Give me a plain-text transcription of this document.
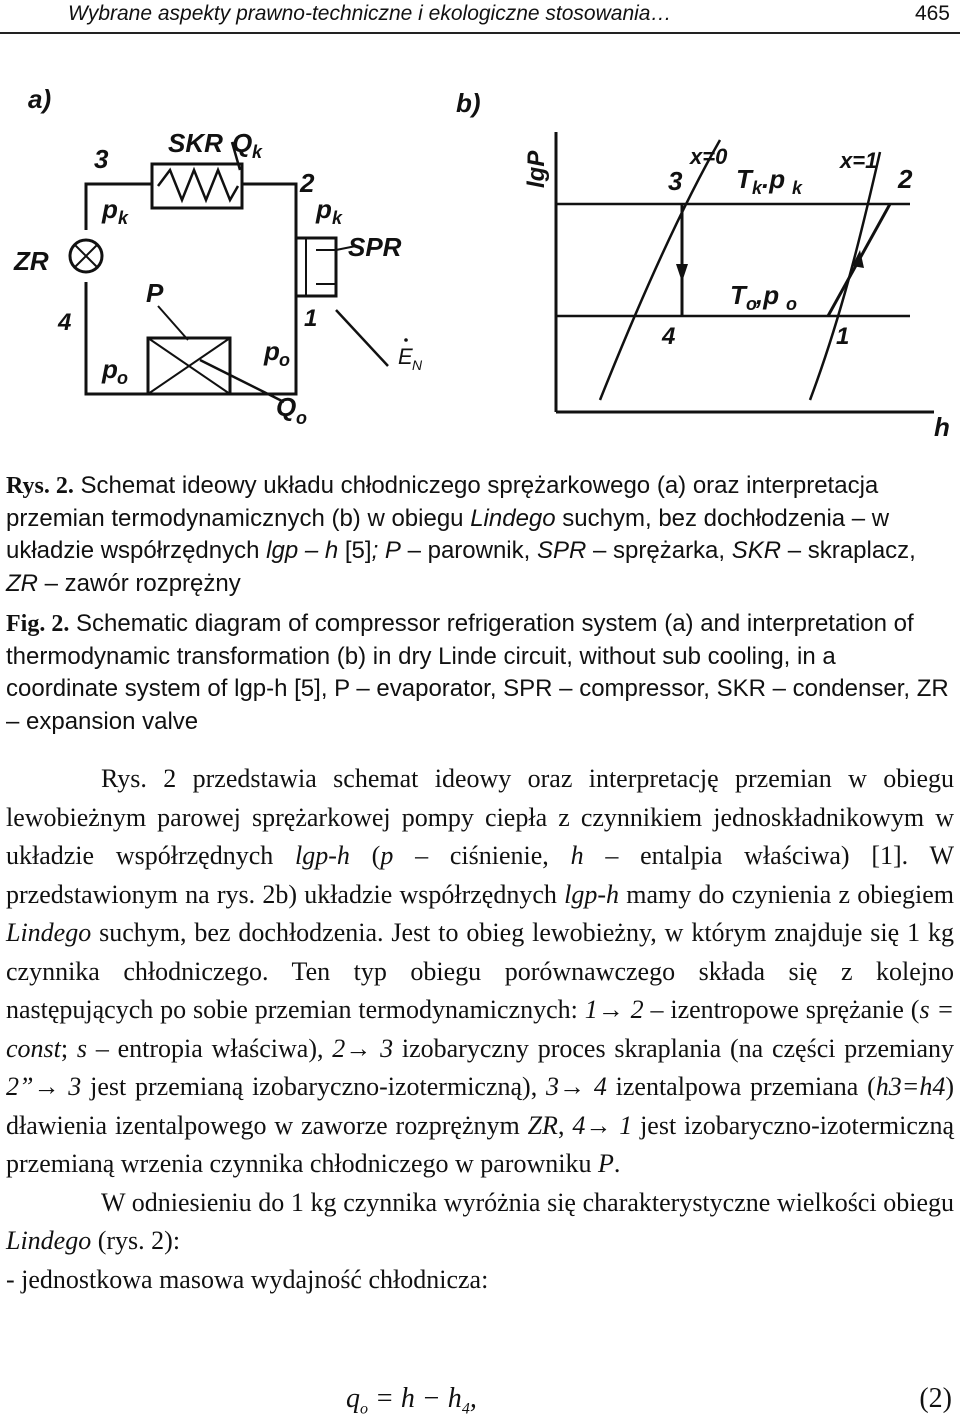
Wybrane aspekty prawno-techniczne i ekologiczne stosowania…	465
a)
SKR Q k
3
2
p k	p k
ZR	SPR
P
4	1
p o
p o
Q o
E N
b)
lgP
h
x=0	x=1
3	2
T k .p k
T o ,p o
4	1
Rys. 2. Schemat ideowy układu chłodniczego sprężarkowego (a) oraz interpretacja przemian termodynamicznych (b) w obiegu Lindego suchym, bez dochłodzenia – w układzie współrzędnych lgp – h [5]; P – parownik, SPR – sprężarka, SKR – skraplacz, ZR – zawór rozprężny
Fig. 2. Schematic diagram of compressor refrigeration system (a) and interpretation of thermodynamic transformation (b) in dry Linde circuit, without sub cooling, in a coordinate system of lgp-h [5], P – evaporator, SPR – compressor, SKR – condenser, ZR – expansion valve

Rys. 2 przedstawia schemat ideowy oraz interpretację przemian w obiegu lewobieżnym parowej sprężarkowej pompy ciepła z czynnikiem jednoskładnikowym w układzie współrzędnych lgp-h (p – ciśnienie, h – entalpia właściwa) [1]. W przedstawionym na rys. 2b) układzie współrzędnych lgp-h mamy do czynienia z obiegiem Lindego suchym, bez dochłodzenia. Jest to obieg lewobieżny, w którym znajduje się 1 kg czynnika chłodniczego. Ten typ obiegu porównawczego składa się z kolejno następujących po sobie przemian termodynamicznych: 1→ 2 – izentropowe sprężanie (s = const; s – entropia właściwa), 2→ 3 izobaryczny proces skraplania (na części przemiany 2”→ 3 jest przemianą izobaryczno-izotermiczną), 3→ 4 izentalpowa przemiana (h3=h4) dławienia izentalpowego w zaworze rozprężnym ZR, 4→ 1 jest izobaryczno-izotermiczną przemianą wrzenia czynnika chłodniczego w parowniku P.

W odniesieniu do 1 kg czynnika wyróżnia się charakterystyczne wielkości obiegu Lindego (rys. 2):

- jednostkowa masowa wydajność chłodnicza:

$q_o = h - h_4$,	(2)
